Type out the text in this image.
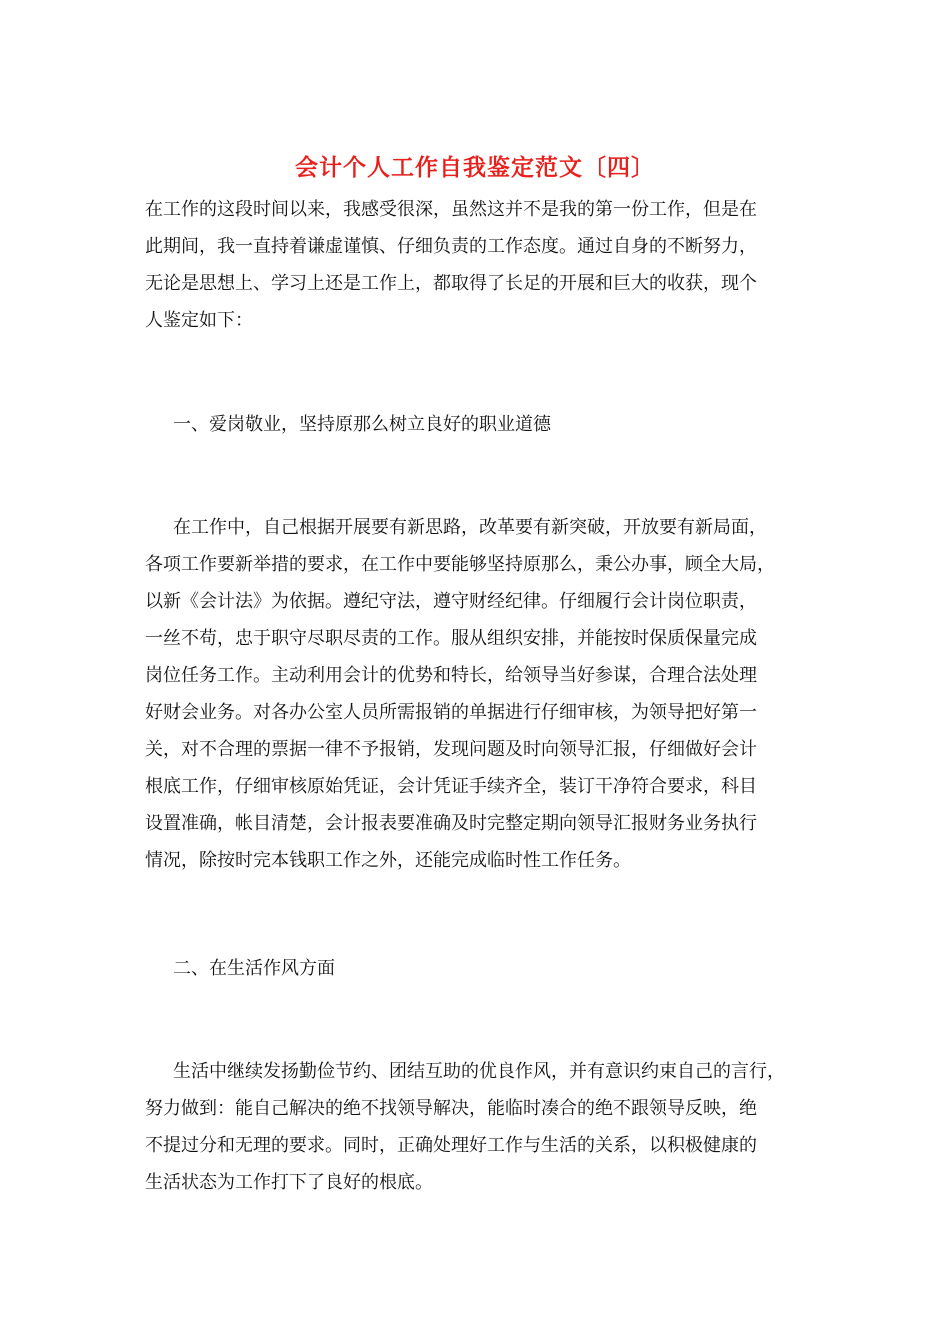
会计个人工作自我鉴定范文〔四〕
在工作的这段时间以来，我感受很深，虽然这并不是我的第一份工作，但是在
此期间，我一直持着谦虚谨慎、仔细负责的工作态度。通过自身的不断努力，
无论是思想上、学习上还是工作上，都取得了长足的开展和巨大的收获，现个
人鉴定如下：
一、爱岗敬业，坚持原那么树立良好的职业道德
在工作中，自己根据开展要有新思路，改革要有新突破，开放要有新局面，
各项工作要新举措的要求，在工作中要能够坚持原那么，秉公办事，顾全大局，
以新《会计法》为依据。遵纪守法，遵守财经纪律。仔细履行会计岗位职责，
一丝不苟，忠于职守尽职尽责的工作。服从组织安排，并能按时保质保量完成
岗位任务工作。主动利用会计的优势和特长，给领导当好参谋，合理合法处理
好财会业务。对各办公室人员所需报销的单据进行仔细审核，为领导把好第一
关，对不合理的票据一律不予报销，发现问题及时向领导汇报，仔细做好会计
根底工作，仔细审核原始凭证，会计凭证手续齐全，装订干净符合要求，科目
设置准确，帐目清楚，会计报表要准确及时完整定期向领导汇报财务业务执行
情况，除按时完本钱职工作之外，还能完成临时性工作任务。
二、在生活作风方面
生活中继续发扬勤俭节约、团结互助的优良作风，并有意识约束自己的言行，
努力做到：能自己解决的绝不找领导解决，能临时凑合的绝不跟领导反映，绝
不提过分和无理的要求。同时，正确处理好工作与生活的关系，以积极健康的
生活状态为工作打下了良好的根底。
